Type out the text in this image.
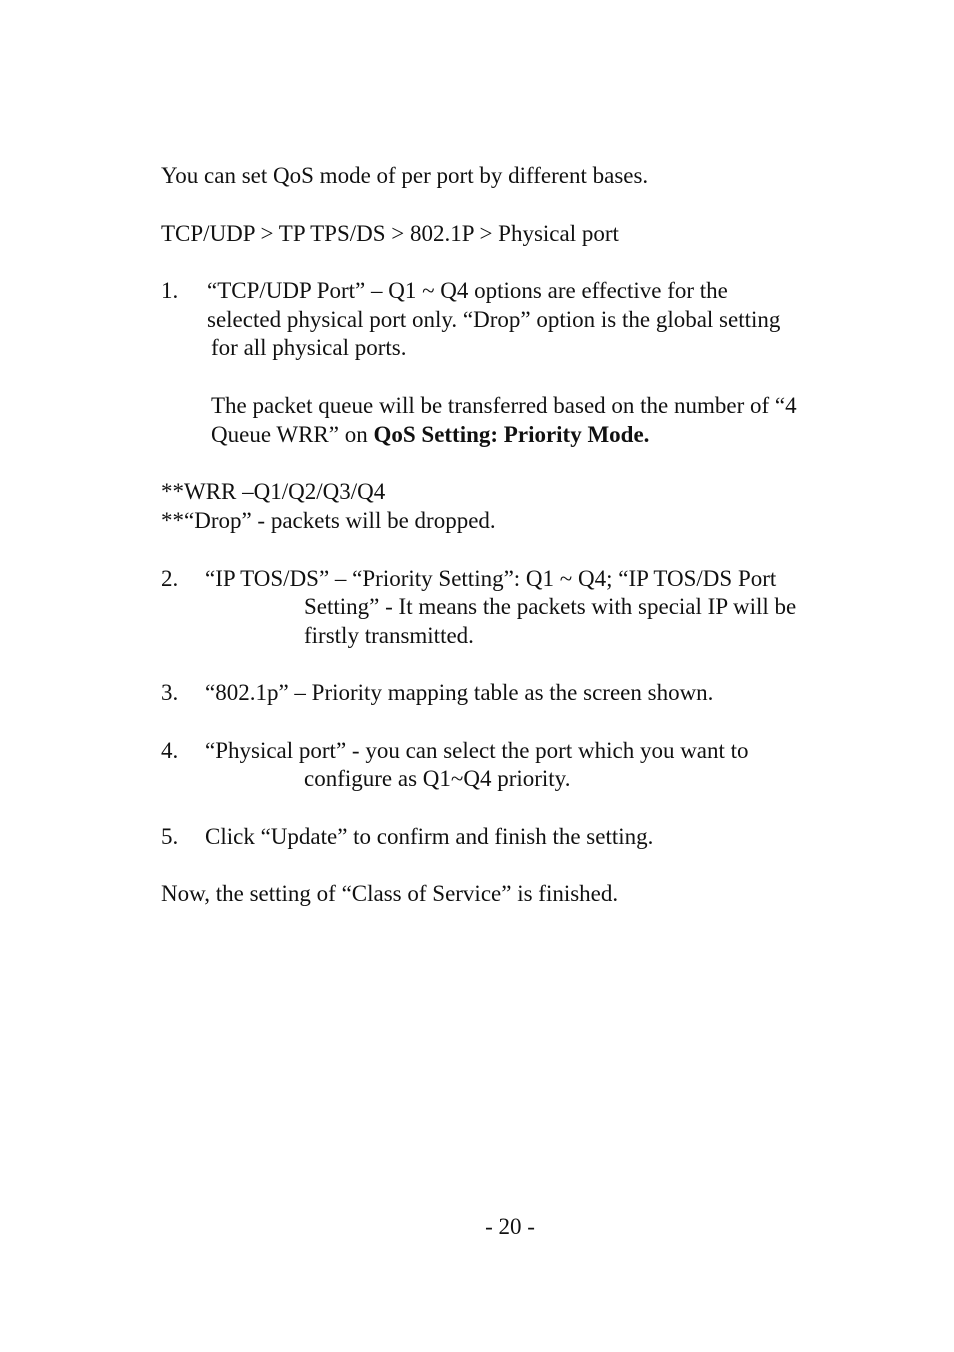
You can set QoS mode of per port by different bases.

TCP/UDP > TP TPS/DS > 802.1P > Physical port

1. “TCP/UDP Port” – Q1 ~ Q4 options are effective for the

selected physical port only. “Drop” option is the global setting

for all physical ports.

The packet queue will be transferred based on the number of “4

Queue WRR” on QoS Setting: Priority Mode.

**WRR –Q1/Q2/Q3/Q4

**“Drop” - packets will be dropped.

2. “IP TOS/DS” – “Priority Setting”: Q1 ~ Q4; “IP TOS/DS Port

Setting” - It means the packets with special IP will be

firstly transmitted.

3. “802.1p” – Priority mapping table as the screen shown.

4. “Physical port” - you can select the port which you want to

configure as Q1~Q4 priority.

5. Click “Update” to confirm and finish the setting.

Now, the setting of “Class of Service” is finished.

- 20 -
